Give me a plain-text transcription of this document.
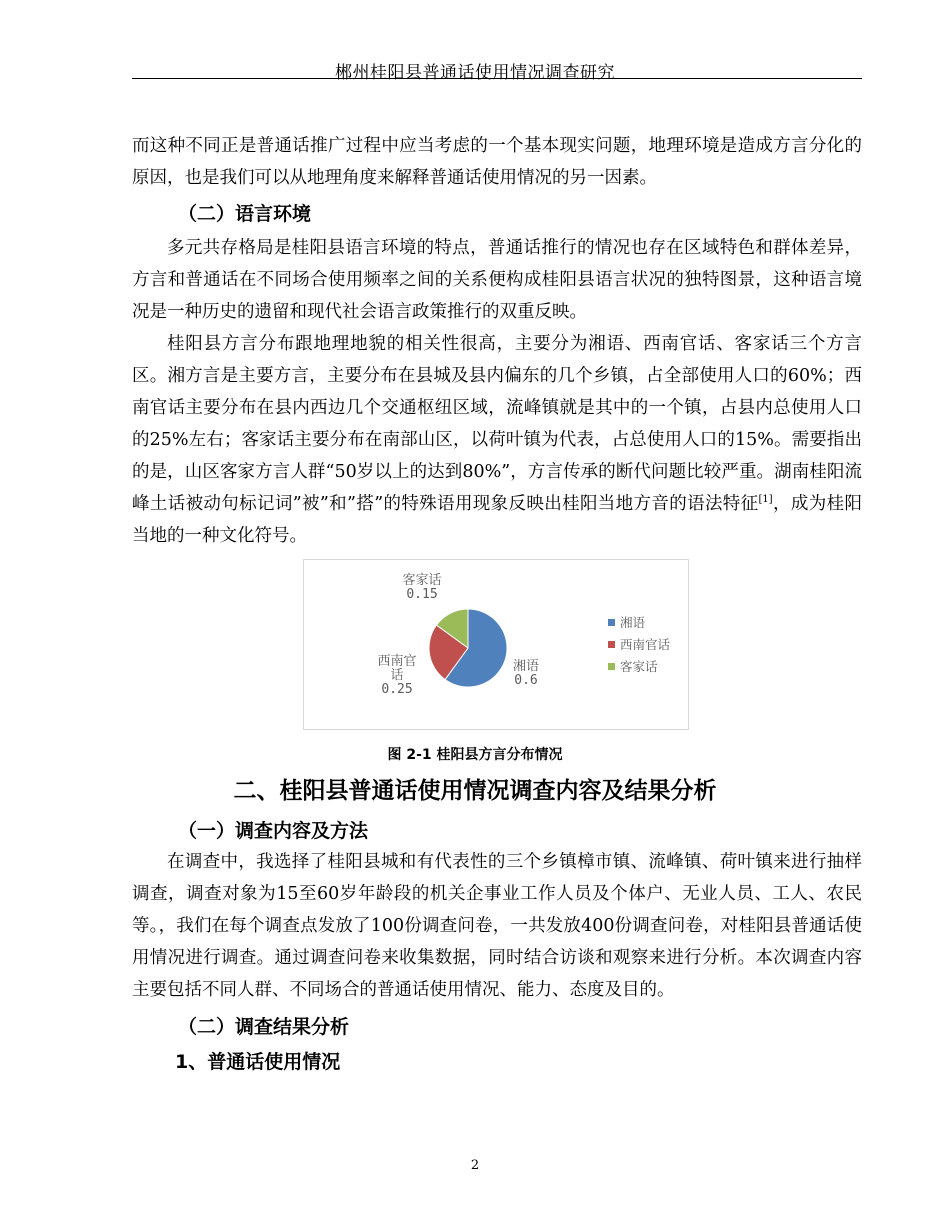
郴州桂阳县普通话使用情况调查研究

而这种不同正是普通话推广过程中应当考虑的一个基本现实问题，地理环境是造成方言分化的原因，也是我们可以从地理角度来解释普通话使用情况的另一因素。

（二）语言环境

多元共存格局是桂阳县语言环境的特点，普通话推行的情况也存在区域特色和群体差异，方言和普通话在不同场合使用频率之间的关系便构成桂阳县语言状况的独特图景，这种语言境况是一种历史的遗留和现代社会语言政策推行的双重反映。

桂阳县方言分布跟地理地貌的相关性很高，主要分为湘语、西南官话、客家话三个方言区。湘方言是主要方言，主要分布在县城及县内偏东的几个乡镇，占全部使用人口的60%；西南官话主要分布在县内西边几个交通枢纽区域，流峰镇就是其中的一个镇，占县内总使用人口的25%左右；客家话主要分布在南部山区，以荷叶镇为代表，占总使用人口的15%。需要指出的是，山区客家方言人群“50岁以上的达到80%”，方言传承的断代问题比较严重。湖南桂阳流峰土话被动句标记词”被”和”搭”的特殊语用现象反映出桂阳当地方音的语法特征[1]，成为桂阳当地的一种文化符号。

湘语
0.6
西南官
话
0.25
客家话
0.15
湘语
西南官话
客家话
图 2-1 桂阳县方言分布情况
二、桂阳县普通话使用情况调查内容及结果分析
（一）调查内容及方法

在调查中，我选择了桂阳县城和有代表性的三个乡镇樟市镇、流峰镇、荷叶镇来进行抽样调查，调查对象为15至60岁年龄段的机关企事业工作人员及个体户、无业人员、工人、农民等。，我们在每个调查点发放了100份调查问卷，一共发放400份调查问卷，对桂阳县普通话使用情况进行调查。通过调查问卷来收集数据，同时结合访谈和观察来进行分析。本次调查内容主要包括不同人群、不同场合的普通话使用情况、能力、态度及目的。

（二）调查结果分析
1、普通话使用情况
2
